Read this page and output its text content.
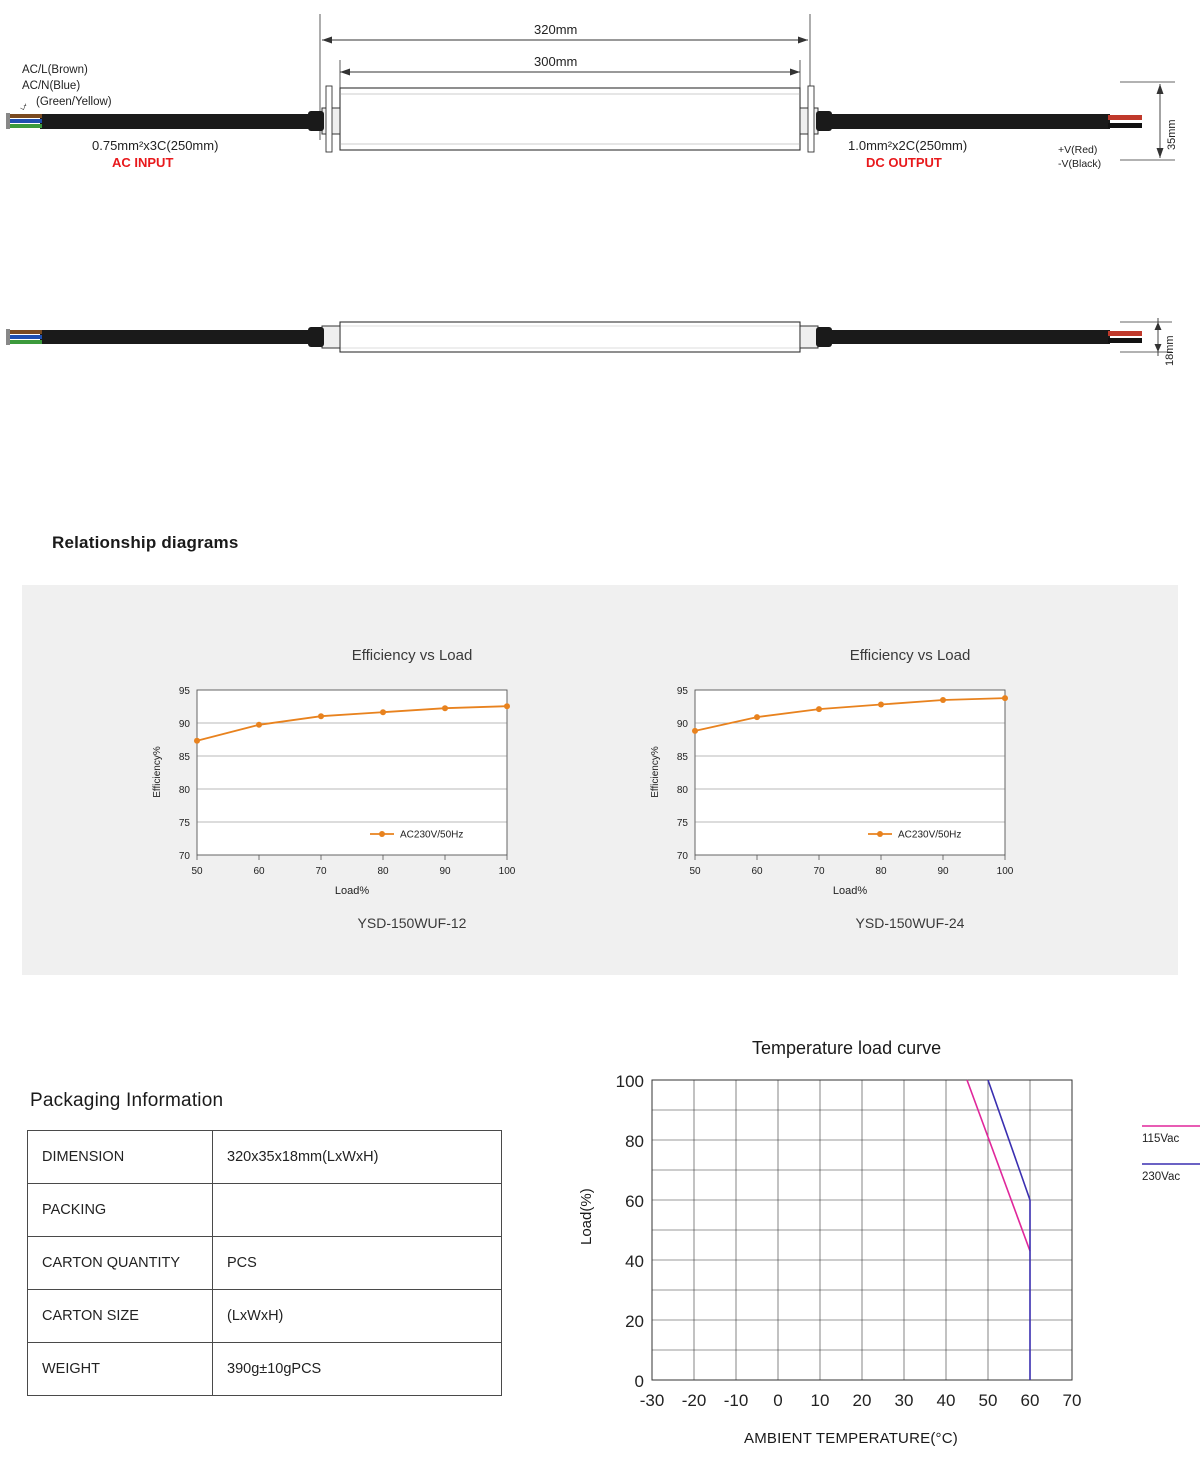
320mm
300mm
AC/L(Brown)
AC/N(Blue)
(Green/Yellow)
⍻
0.75mm²x3C(250mm)
AC INPUT
1.0mm²x2C(250mm)
DC OUTPUT
+V(Red)
-V(Black)
35mm
18mm
Relationship diagrams
Efficiency vs Load
95
90
85
80
75
70
50	60	70	80	90	100
Load%
Efficiency%
AC230V/50Hz
YSD-150WUF-12
Efficiency vs Load
95
90
85
80
75
70
50	60	70	80	90	100
Load%
Efficiency%
AC230V/50Hz
YSD-150WUF-24
Packaging Information
DIMENSION	320x35x18mm(LxWxH)
PACKING	
CARTON QUANTITY	PCS
CARTON SIZE	(LxWxH)
WEIGHT	390g±10gPCS
Temperature load curve
Load(%)
AMBIENT TEMPERATURE(°C)
100
80
60
40
20
0
-30 -20 -10 0 10 20 30 40 50 60 70
115Vac
230Vac
